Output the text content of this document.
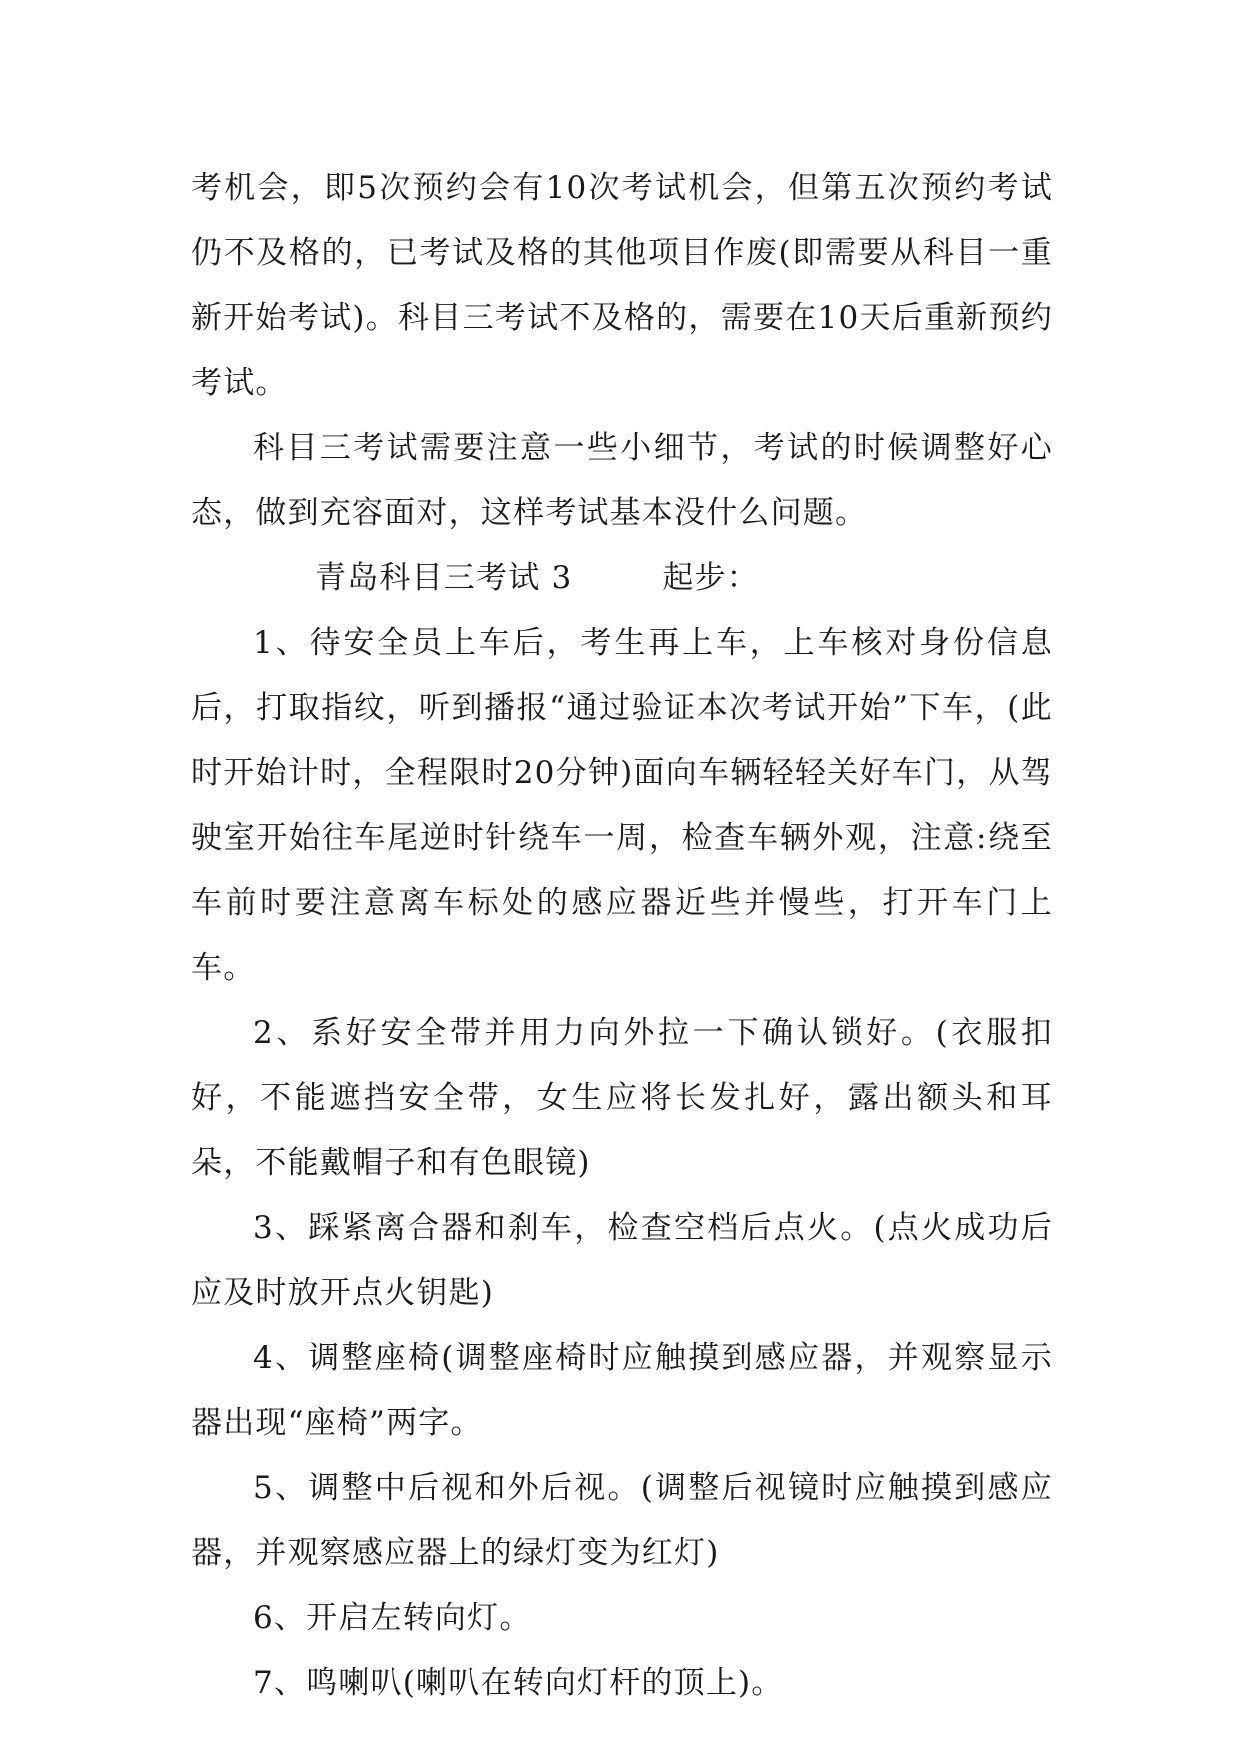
考机会，即5次预约会有10次考试机会，但第五次预约考试仍不及格的，已考试及格的其他项目作废(即需要从科目一重新开始考试)。科目三考试不及格的，需要在10天后重新预约考试。

科目三考试需要注意一些小细节，考试的时候调整好心态，做到充容面对，这样考试基本没什么问题。

青岛科目三考试 3	起步：

1、待安全员上车后，考生再上车，上车核对身份信息后，打取指纹，听到播报“通过验证本次考试开始”下车，(此时开始计时，全程限时20分钟)面向车辆轻轻关好车门，从驾驶室开始往车尾逆时针绕车一周，检查车辆外观，注意:绕至车前时要注意离车标处的感应器近些并慢些，打开车门上车。

2、系好安全带并用力向外拉一下确认锁好。(衣服扣好，不能遮挡安全带，女生应将长发扎好，露出额头和耳朵，不能戴帽子和有色眼镜)

3、踩紧离合器和刹车，检查空档后点火。(点火成功后应及时放开点火钥匙)

4、调整座椅(调整座椅时应触摸到感应器，并观察显示器出现“座椅”两字。

5、调整中后视和外后视。(调整后视镜时应触摸到感应器，并观察感应器上的绿灯变为红灯)

6、开启左转向灯。

7、鸣喇叭(喇叭在转向灯杆的顶上)。
